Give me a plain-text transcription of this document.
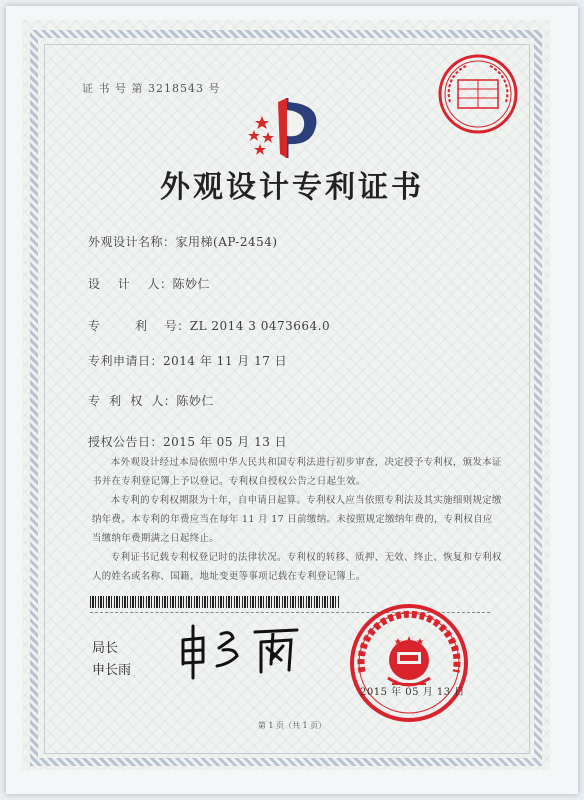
证 书 号 第 3218543 号
外观设计专利证书
外观设计名称：家用梯(AP-2454)
设    计    人：陈妙仁
专        利    号：ZL 2014 3 0473664.0
专利申请日：2014 年 11 月 17 日
专  利  权  人：陈妙仁
授权公告日：2015 年 05 月 13 日

本外观设计经过本局依照中华人民共和国专利法进行初步审查，决定授予专利权，颁发本证书并在专利登记簿上予以登记。专利权自授权公告之日起生效。

本专利的专利权期限为十年，自申请日起算。专利权人应当依照专利法及其实施细则规定缴纳年费。本专利的年费应当在每年 11 月 17 日前缴纳。未按照规定缴纳年费的，专利权自应当缴纳年费期满之日起终止。

专利证书记载专利权登记时的法律状况。专利权的转移、质押、无效、终止、恢复和专利权人的姓名或名称、国籍、地址变更等事项记载在专利登记簿上。

局长
申长雨
2015 年 05 月 13 日
第 1 页（共 1 页）
